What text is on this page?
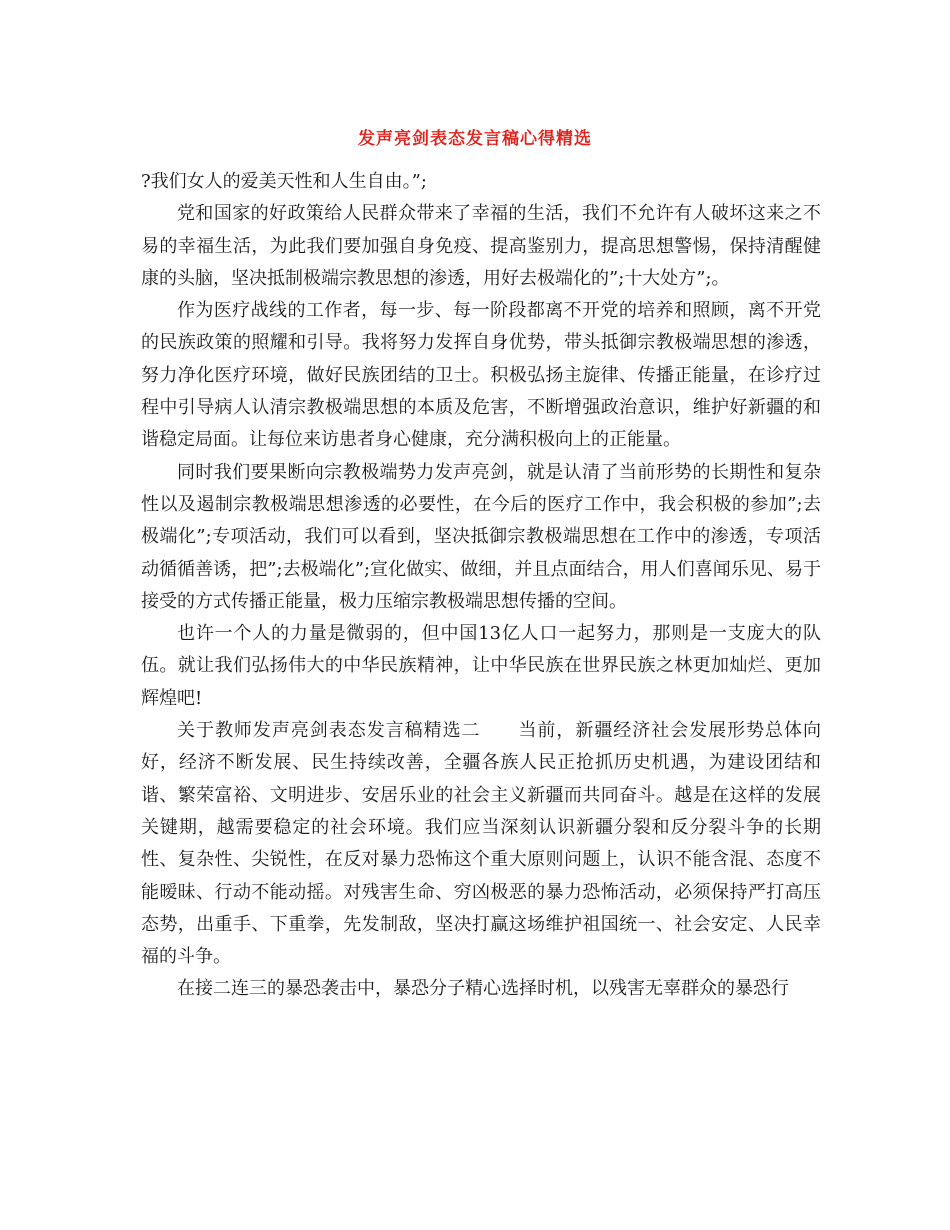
发声亮剑表态发言稿心得精选

?我们女人的爱美天性和人生自由。”;

党和国家的好政策给人民群众带来了幸福的生活，我们不允许有人破坏这来之不易的幸福生活，为此我们要加强自身免疫、提高鉴别力，提高思想警惕，保持清醒健康的头脑，坚决抵制极端宗教思想的渗透，用好去极端化的”;十大处方”;。

作为医疗战线的工作者，每一步、每一阶段都离不开党的培养和照顾，离不开党的民族政策的照耀和引导。我将努力发挥自身优势，带头抵御宗教极端思想的渗透，努力净化医疗环境，做好民族团结的卫士。积极弘扬主旋律、传播正能量，在诊疗过程中引导病人认清宗教极端思想的本质及危害，不断增强政治意识，维护好新疆的和谐稳定局面。让每位来访患者身心健康，充分满积极向上的正能量。

同时我们要果断向宗教极端势力发声亮剑，就是认清了当前形势的长期性和复杂性以及遏制宗教极端思想渗透的必要性，在今后的医疗工作中，我会积极的参加”;去极端化”;专项活动，我们可以看到，坚决抵御宗教极端思想在工作中的渗透，专项活动循循善诱，把”;去极端化”;宣化做实、做细，并且点面结合，用人们喜闻乐见、易于接受的方式传播正能量，极力压缩宗教极端思想传播的空间。

也许一个人的力量是微弱的，但中国13亿人口一起努力，那则是一支庞大的队伍。就让我们弘扬伟大的中华民族精神，让中华民族在世界民族之林更加灿烂、更加辉煌吧!

关于教师发声亮剑表态发言稿精选二　　当前，新疆经济社会发展形势总体向好，经济不断发展、民生持续改善，全疆各族人民正抢抓历史机遇，为建设团结和谐、繁荣富裕、文明进步、安居乐业的社会主义新疆而共同奋斗。越是在这样的发展关键期，越需要稳定的社会环境。我们应当深刻认识新疆分裂和反分裂斗争的长期性、复杂性、尖锐性，在反对暴力恐怖这个重大原则问题上，认识不能含混、态度不能暧昧、行动不能动摇。对残害生命、穷凶极恶的暴力恐怖活动，必须保持严打高压态势，出重手、下重拳，先发制敌，坚决打赢这场维护祖国统一、社会安定、人民幸福的斗争。

在接二连三的暴恐袭击中，暴恐分子精心选择时机，以残害无辜群众的暴恐行
